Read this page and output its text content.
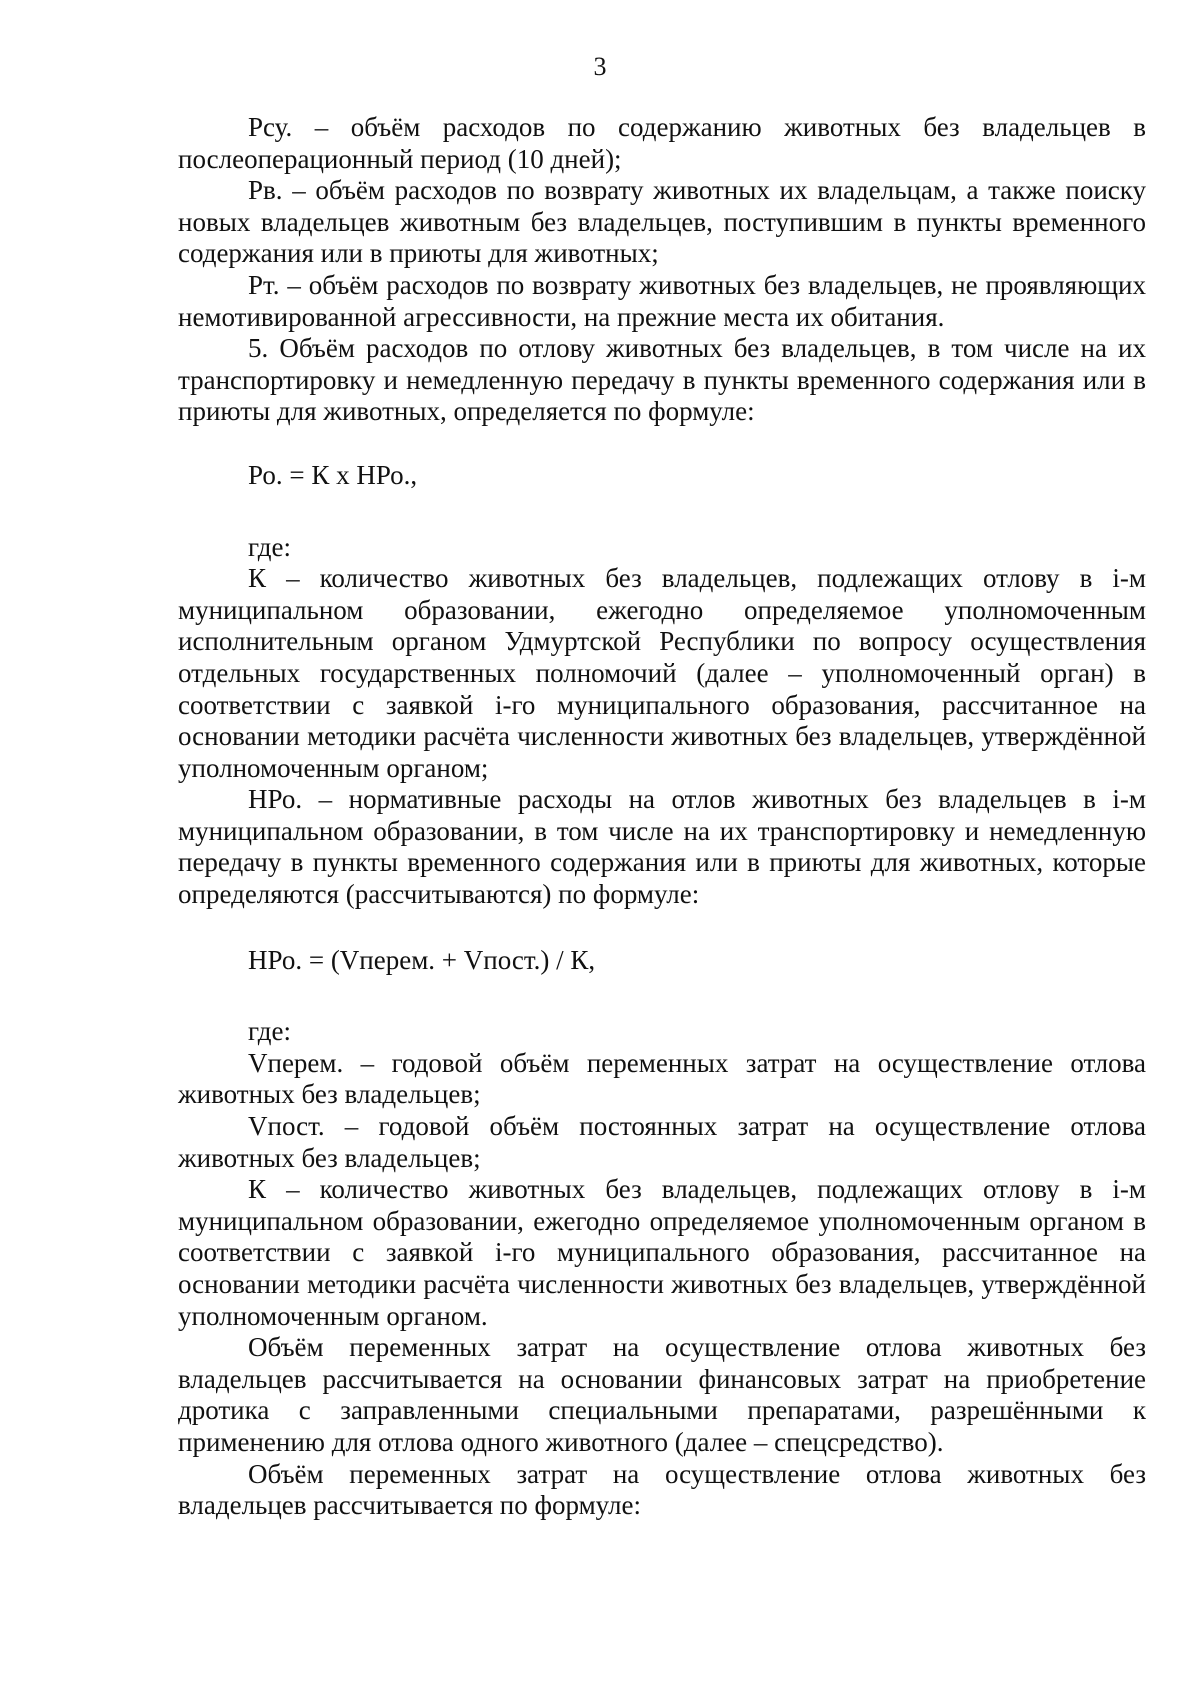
3

Рсу. – объём расходов по содержанию животных без владельцев в послеоперационный период (10 дней);

Рв. – объём расходов по возврату животных их владельцам, а также поиску новых владельцев животным без владельцев, поступившим в пункты временного содержания или в приюты для животных;

Рт. – объём расходов по возврату животных без владельцев, не проявляющих немотивированной агрессивности, на прежние места их обитания.

5. Объём расходов по отлову животных без владельцев, в том числе на их транспортировку и немедленную передачу в пункты временного содержания или в приюты для животных, определяется по формуле:

Ро. = К х НРо.,

где:

К – количество животных без владельцев, подлежащих отлову в i-м муниципальном образовании, ежегодно определяемое уполномоченным исполнительным органом Удмуртской Республики по вопросу осуществления отдельных государственных полномочий (далее – уполномоченный орган) в соответствии с заявкой i-го муниципального образования, рассчитанное на основании методики расчёта численности животных без владельцев, утверждённой уполномоченным органом;

НРо. – нормативные расходы на отлов животных без владельцев в i-м муниципальном образовании, в том числе на их транспортировку и немедленную передачу в пункты временного содержания или в приюты для животных, которые определяются (рассчитываются) по формуле:

НРо. = (Vперем. + Vпост.) / К,

где:

Vперем. – годовой объём переменных затрат на осуществление отлова животных без владельцев;

Vпост. – годовой объём постоянных затрат на осуществление отлова животных без владельцев;

К – количество животных без владельцев, подлежащих отлову в i-м муниципальном образовании, ежегодно определяемое уполномоченным органом в соответствии с заявкой i-го муниципального образования, рассчитанное на основании методики расчёта численности животных без владельцев, утверждённой уполномоченным органом.

Объём переменных затрат на осуществление отлова животных без владельцев рассчитывается на основании финансовых затрат на приобретение дротика с заправленными специальными препаратами, разрешёнными к применению для отлова одного животного (далее – спецсредство).

Объём переменных затрат на осуществление отлова животных без владельцев рассчитывается по формуле:
